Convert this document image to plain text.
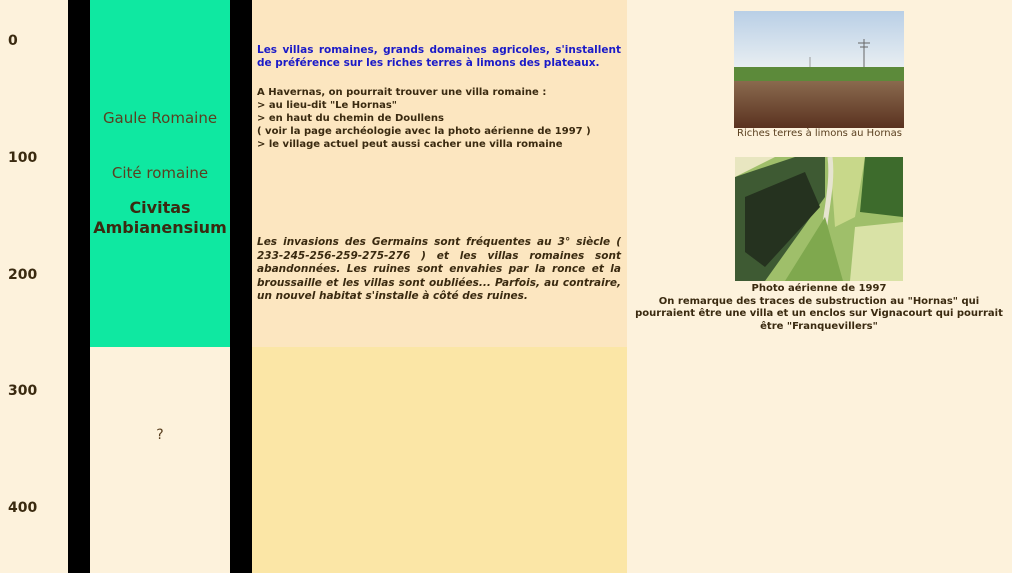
0
100
200
300
400
Gaule Romaine
Cité romaine
Civitas Ambianensium
?
Les villas romaines, grands domaines agricoles, s'installent de préférence sur les riches terres à limons des plateaux.
A Havernas, on pourrait trouver une villa romaine :
> au lieu-dit "Le Hornas"
> en haut du chemin de Doullens
( voir la page archéologie avec la photo aérienne de 1997 )
> le village actuel peut aussi cacher une villa romaine
Les invasions des Germains sont fréquentes au 3° siècle ( 233-245-256-259-275-276 ) et les villas romaines sont abandonnées. Les ruines sont envahies par la ronce et la broussaille et les villas sont oubliées... Parfois, au contraire, un nouvel habitat s'installe à côté des ruines.
Riches terres à limons au Hornas
Photo aérienne de 1997
On remarque des traces de substruction au "Hornas" qui pourraient être une villa et un enclos sur Vignacourt qui pourrait être "Franquevillers"
